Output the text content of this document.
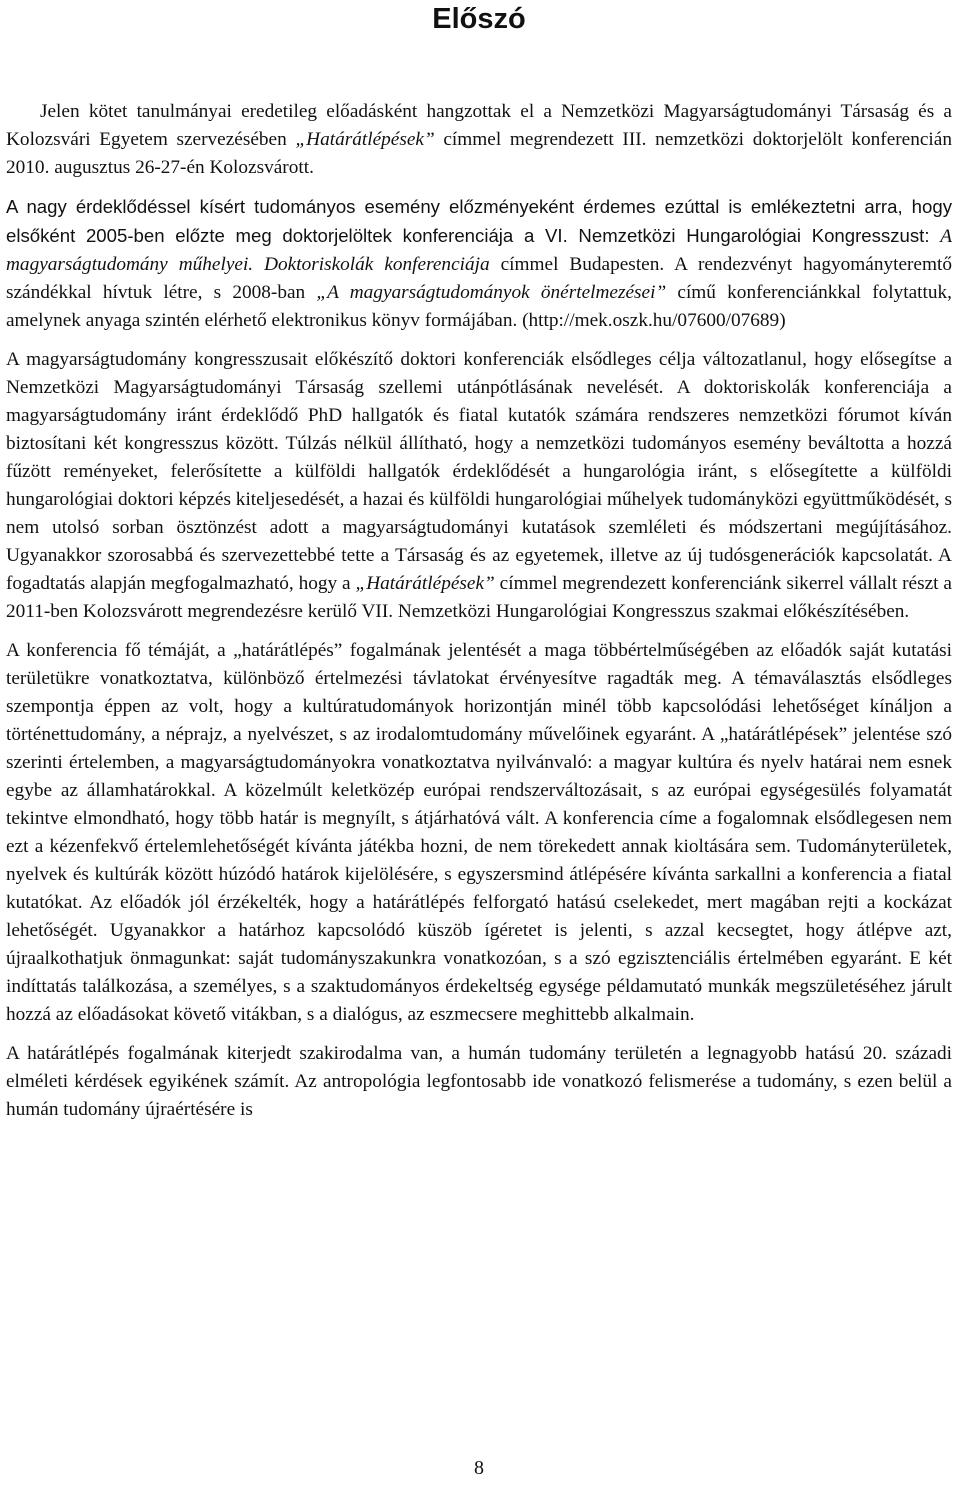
Előszó

Jelen kötet tanulmányai eredetileg előadásként hangzottak el a Nemzetközi Magyarságtudományi Társaság és a Kolozsvári Egyetem szervezésében „Határátlépések” címmel megrendezett III. nemzetközi doktorjelölt konferencián 2010. augusztus 26-27-én Kolozsvárott.

A nagy érdeklődéssel kísért tudományos esemény előzményeként érdemes ezúttal is emlékeztetni arra, hogy elsőként 2005-ben előzte meg doktorjelöltek konferenciája a VI. Nemzetközi Hungarológiai Kongresszust: A magyarságtudomány műhelyei. Doktoriskolák konferenciája címmel Budapesten. A rendezvényt hagyományteremtő szándékkal hívtuk létre, s 2008-ban „A magyarságtudományok önértelmezései” című konferenciánkkal folytattuk, amelynek anyaga szintén elérhető elektronikus könyv formájában. (http://mek.oszk.hu/07600/07689)

A magyarságtudomány kongresszusait előkészítő doktori konferenciák elsődleges célja változatlanul, hogy elősegítse a Nemzetközi Magyarságtudományi Társaság szellemi utánpótlásának nevelését. A doktoriskolák konferenciája a magyarságtudomány iránt érdeklődő PhD hallgatók és fiatal kutatók számára rendszeres nemzetközi fórumot kíván biztosítani két kongresszus között. Túlzás nélkül állítható, hogy a nemzetközi tudományos esemény beváltotta a hozzá fűzött reményeket, felerősítette a külföldi hallgatók érdeklődését a hungarológia iránt, s elősegítette a külföldi hungarológiai doktori képzés kiteljesedését, a hazai és külföldi hungarológiai műhelyek tudományközi együttműködését, s nem utolsó sorban ösztönzést adott a magyarságtudományi kutatások szemléleti és módszertani megújításához. Ugyanakkor szorosabbá és szervezettebbé tette a Társaság és az egyetemek, illetve az új tudósgenerációk kapcsolatát. A fogadtatás alapján megfogalmazható, hogy a „Határátlépések” címmel megrendezett konferenciánk sikerrel vállalt részt a 2011-ben Kolozsvárott megrendezésre kerülő VII. Nemzetközi Hungarológiai Kongresszus szakmai előkészítésében.

A konferencia fő témáját, a „határátlépés” fogalmának jelentését a maga többértelműségében az előadók saját kutatási területükre vonatkoztatva, különböző értelmezési távlatokat érvényesítve ragadták meg. A témaválasztás elsődleges szempontja éppen az volt, hogy a kultúratudományok horizontján minél több kapcsolódási lehetőséget kínáljon a történettudomány, a néprajz, a nyelvészet, s az irodalomtudomány művelőinek egyaránt. A „határátlépések” jelentése szó szerinti értelemben, a magyarságtudományokra vonatkoztatva nyilvánvaló: a magyar kultúra és nyelv határai nem esnek egybe az államhatárokkal. A közelmúlt keletközép európai rendszerváltozásait, s az európai egységesülés folyamatát tekintve elmondható, hogy több határ is megnyílt, s átjárhatóvá vált. A konferencia címe a fogalomnak elsődlegesen nem ezt a kézenfekvő értelemlehetőségét kívánta játékba hozni, de nem törekedett annak kioltására sem. Tudományterületek, nyelvek és kultúrák között húzódó határok kijelölésére, s egyszersmind átlépésére kívánta sarkallni a konferencia a fiatal kutatókat. Az előadók jól érzékelték, hogy a határátlépés felforgató hatású cselekedet, mert magában rejti a kockázat lehetőségét. Ugyanakkor a határhoz kapcsolódó küszöb ígéretet is jelenti, s azzal kecsegtet, hogy átlépve azt, újraalkothatjuk önmagunkat: saját tudományszakunkra vonatkozóan, s a szó egzisztenciális értelmében egyaránt. E két indíttatás találkozása, a személyes, s a szaktudományos érdekeltség egysége példamutató munkák megszületéséhez járult hozzá az előadásokat követő vitákban, s a dialógus, az eszmecsere meghittebb alkalmain.

A határátlépés fogalmának kiterjedt szakirodalma van, a humán tudomány területén a legnagyobb hatású 20. századi elméleti kérdések egyikének számít. Az antropológia legfontosabb ide vonatkozó felismerése a tudomány, s ezen belül a humán tudomány újraértésére is

8
